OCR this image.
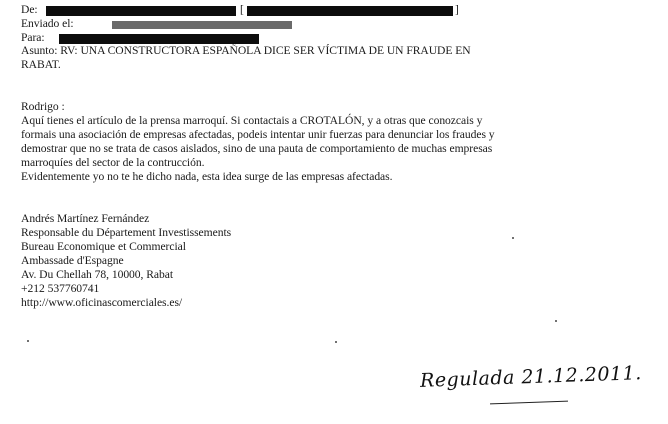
De:	[	]
Enviado el:
Para:
Asunto: RV: UNA CONSTRUCTORA ESPAÑOLA DICE SER VÍCTIMA DE UN FRAUDE EN
RABAT.
Rodrigo :
Aquí tienes el artículo de la prensa marroquí. Si contactais a CROTALÓN, y a otras que conozcais y
formais una asociación de empresas afectadas, podeis intentar unir fuerzas para denunciar los fraudes y
demostrar que no se trata de casos aislados, sino de una pauta de comportamiento de muchas empresas
marroquíes del sector de la contrucción.
Evidentemente yo no te he dicho nada, esta idea surge de las empresas afectadas.
Andrés Martínez Fernández
Responsable du Département Investissements
Bureau Economique et Commercial
Ambassade d'Espagne
Av. Du Chellah 78, 10000, Rabat
+212 537760741
http://www.oficinascomerciales.es/
Regulada 21.12.2011.
